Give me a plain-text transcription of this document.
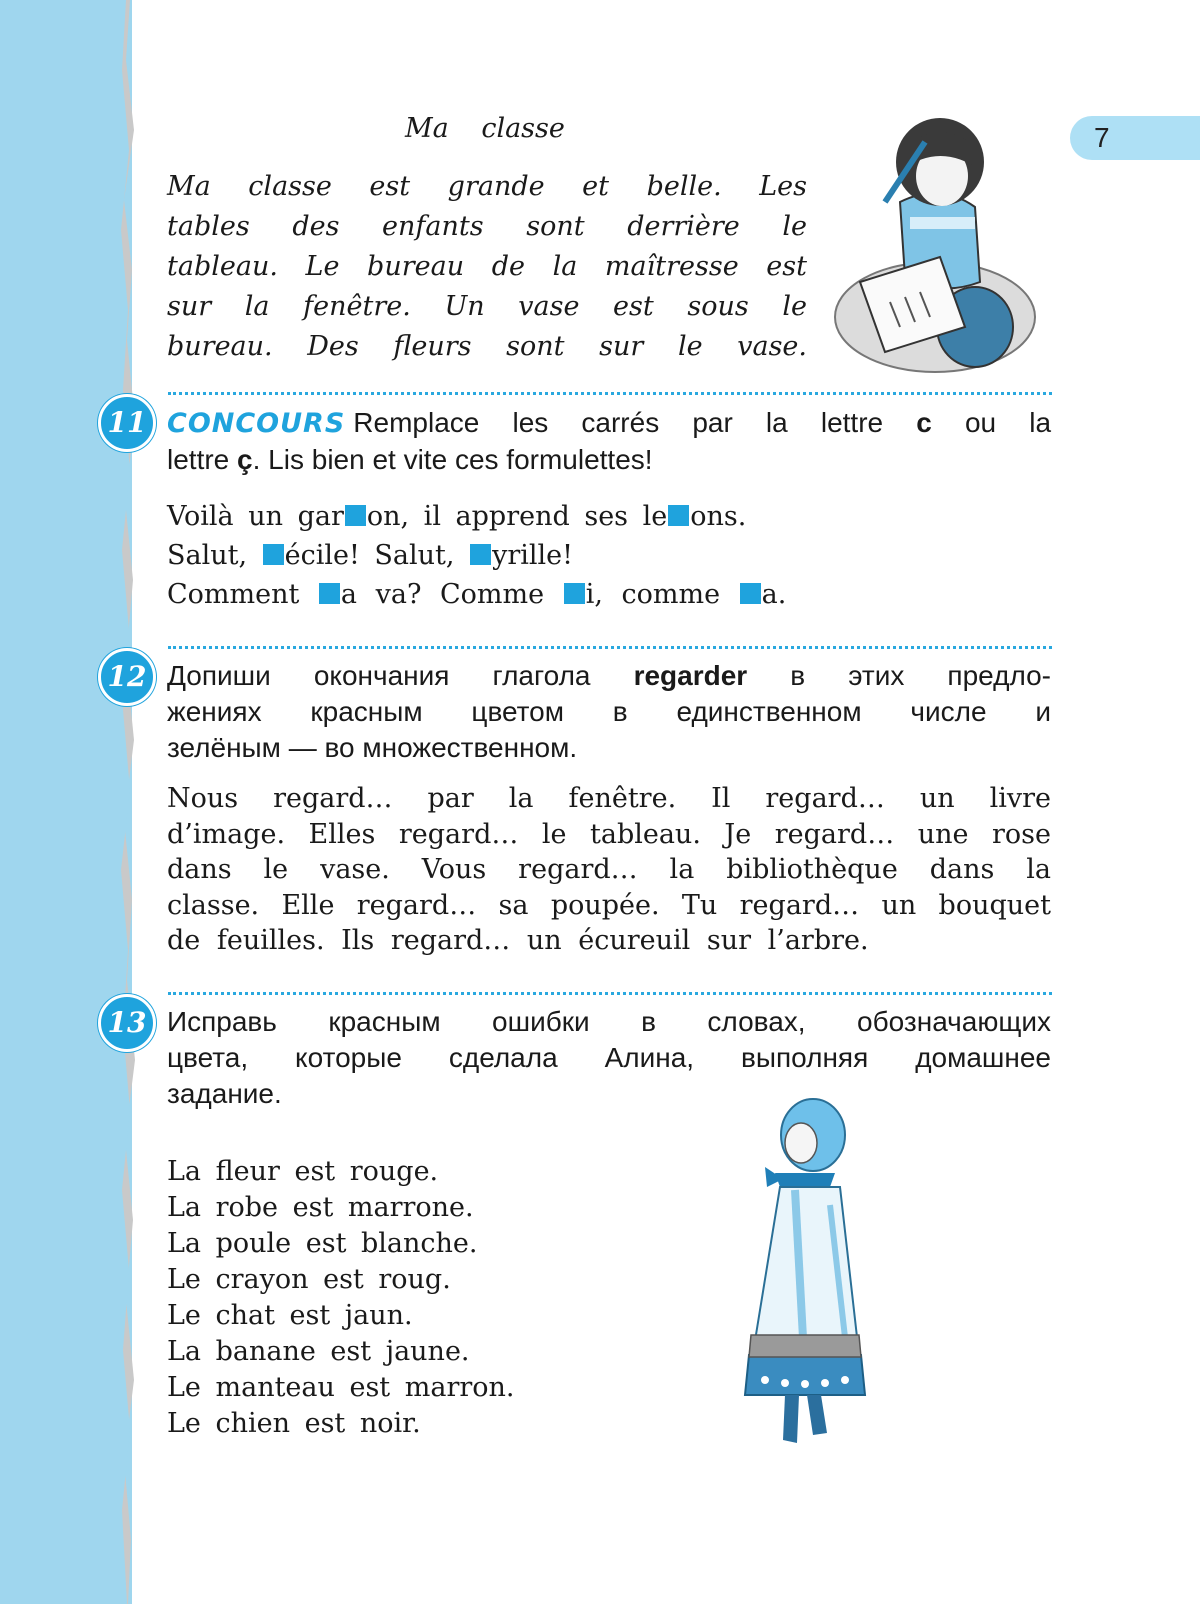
7
Ma classe
Ma classe est grande et belle. Les
tables des enfants sont derrière le
tableau. Le bureau de la maîtresse est
sur la fenêtre. Un vase est sous le
bureau. Des fleurs sont sur le vase.
11 CONCOURS Remplace les carrés par la lettre c ou la
lettre ç. Lis bien et vite ces formulettes!
Voilà un gar on, il apprend ses le ons.
Salut, écile! Salut, yrille!
Comment a va? Comme i, comme a.
12 Допиши окончания глагола regarder в этих предло-
жениях красным цветом в единственном числе и
зелёным — во множественном.
Nous regard… par la fenêtre. Il regard… un livre
d’image. Elles regard… le tableau. Je regard… une rose
dans le vase. Vous regard… la bibliothèque dans la
classe. Elle regard… sa poupée. Tu regard… un bouquet
de feuilles. Ils regard… un écureuil sur l’arbre.
13 Исправь красным ошибки в словах, обозначающих
цвета, которые сделала Алина, выполняя домашнее
задание.
La fleur est rouge.
La robe est marrone.
La poule est blanche.
Le crayon est roug.
Le chat est jaun.
La banane est jaune.
Le manteau est marron.
Le chien est noir.
